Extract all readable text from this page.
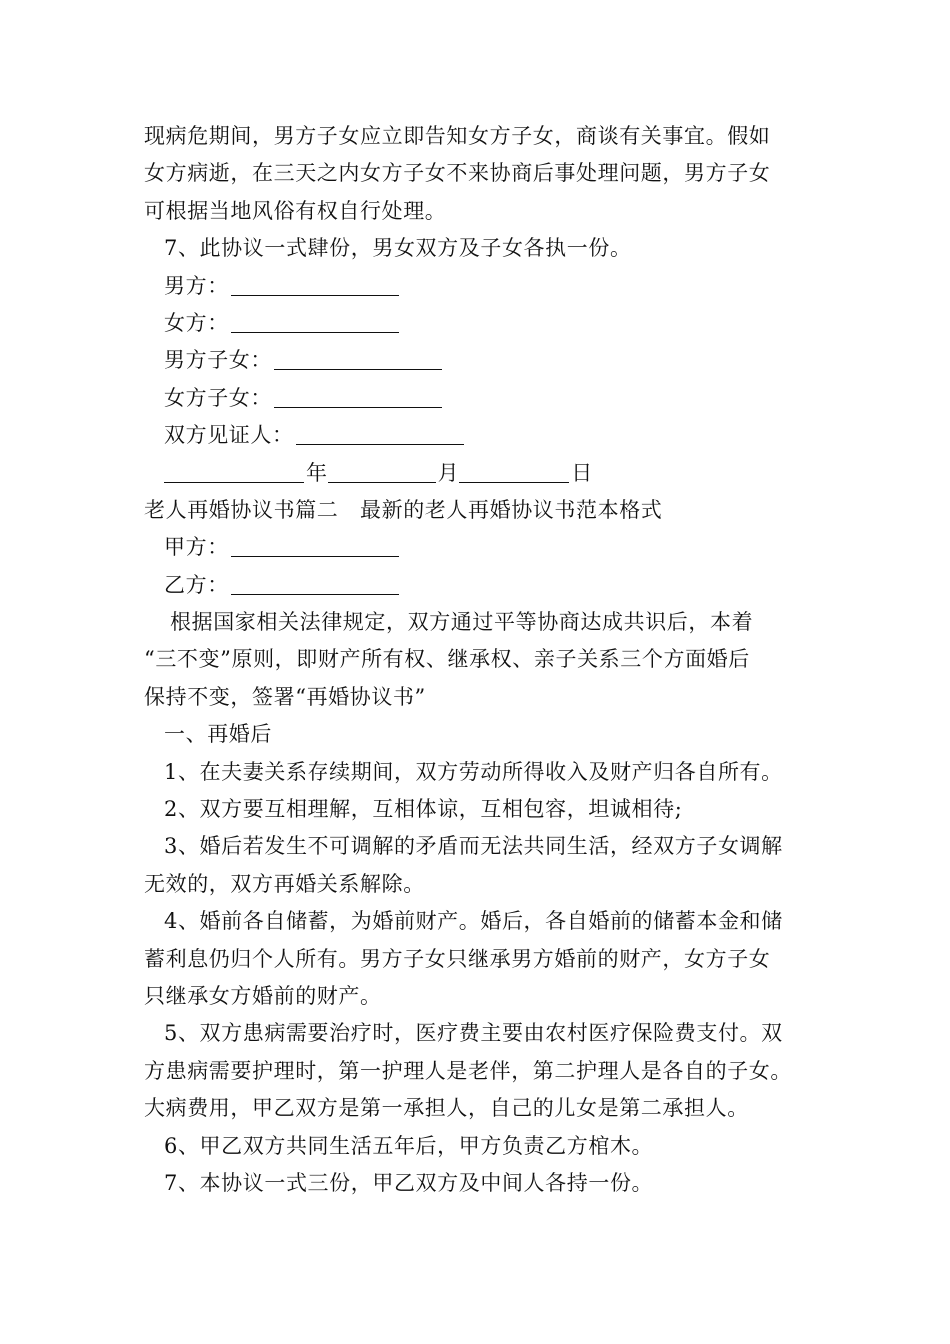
现病危期间，男方子女应立即告知女方子女，商谈有关事宜。假如
女方病逝，在三天之内女方子女不来协商后事处理问题，男方子女
可根据当地风俗有权自行处理。
7、此协议一式肆份，男女双方及子女各执一份。
男方：
女方：
男方子女：
女方子女：
双方见证人：
年	月	日
老人再婚协议书篇二　最新的老人再婚协议书范本格式
甲方：
乙方：
根据国家相关法律规定，双方通过平等协商达成共识后，本着
“三不变”原则，即财产所有权、继承权、亲子关系三个方面婚后
保持不变，签署“再婚协议书”
一、再婚后
1、在夫妻关系存续期间，双方劳动所得收入及财产归各自所有。
2、双方要互相理解，互相体谅，互相包容，坦诚相待;
3、婚后若发生不可调解的矛盾而无法共同生活，经双方子女调解
无效的，双方再婚关系解除。
4、婚前各自储蓄，为婚前财产。婚后，各自婚前的储蓄本金和储
蓄利息仍归个人所有。男方子女只继承男方婚前的财产，女方子女
只继承女方婚前的财产。
5、双方患病需要治疗时，医疗费主要由农村医疗保险费支付。双
方患病需要护理时，第一护理人是老伴，第二护理人是各自的子女。
大病费用，甲乙双方是第一承担人，自己的儿女是第二承担人。
6、甲乙双方共同生活五年后，甲方负责乙方棺木。
7、本协议一式三份，甲乙双方及中间人各持一份。
